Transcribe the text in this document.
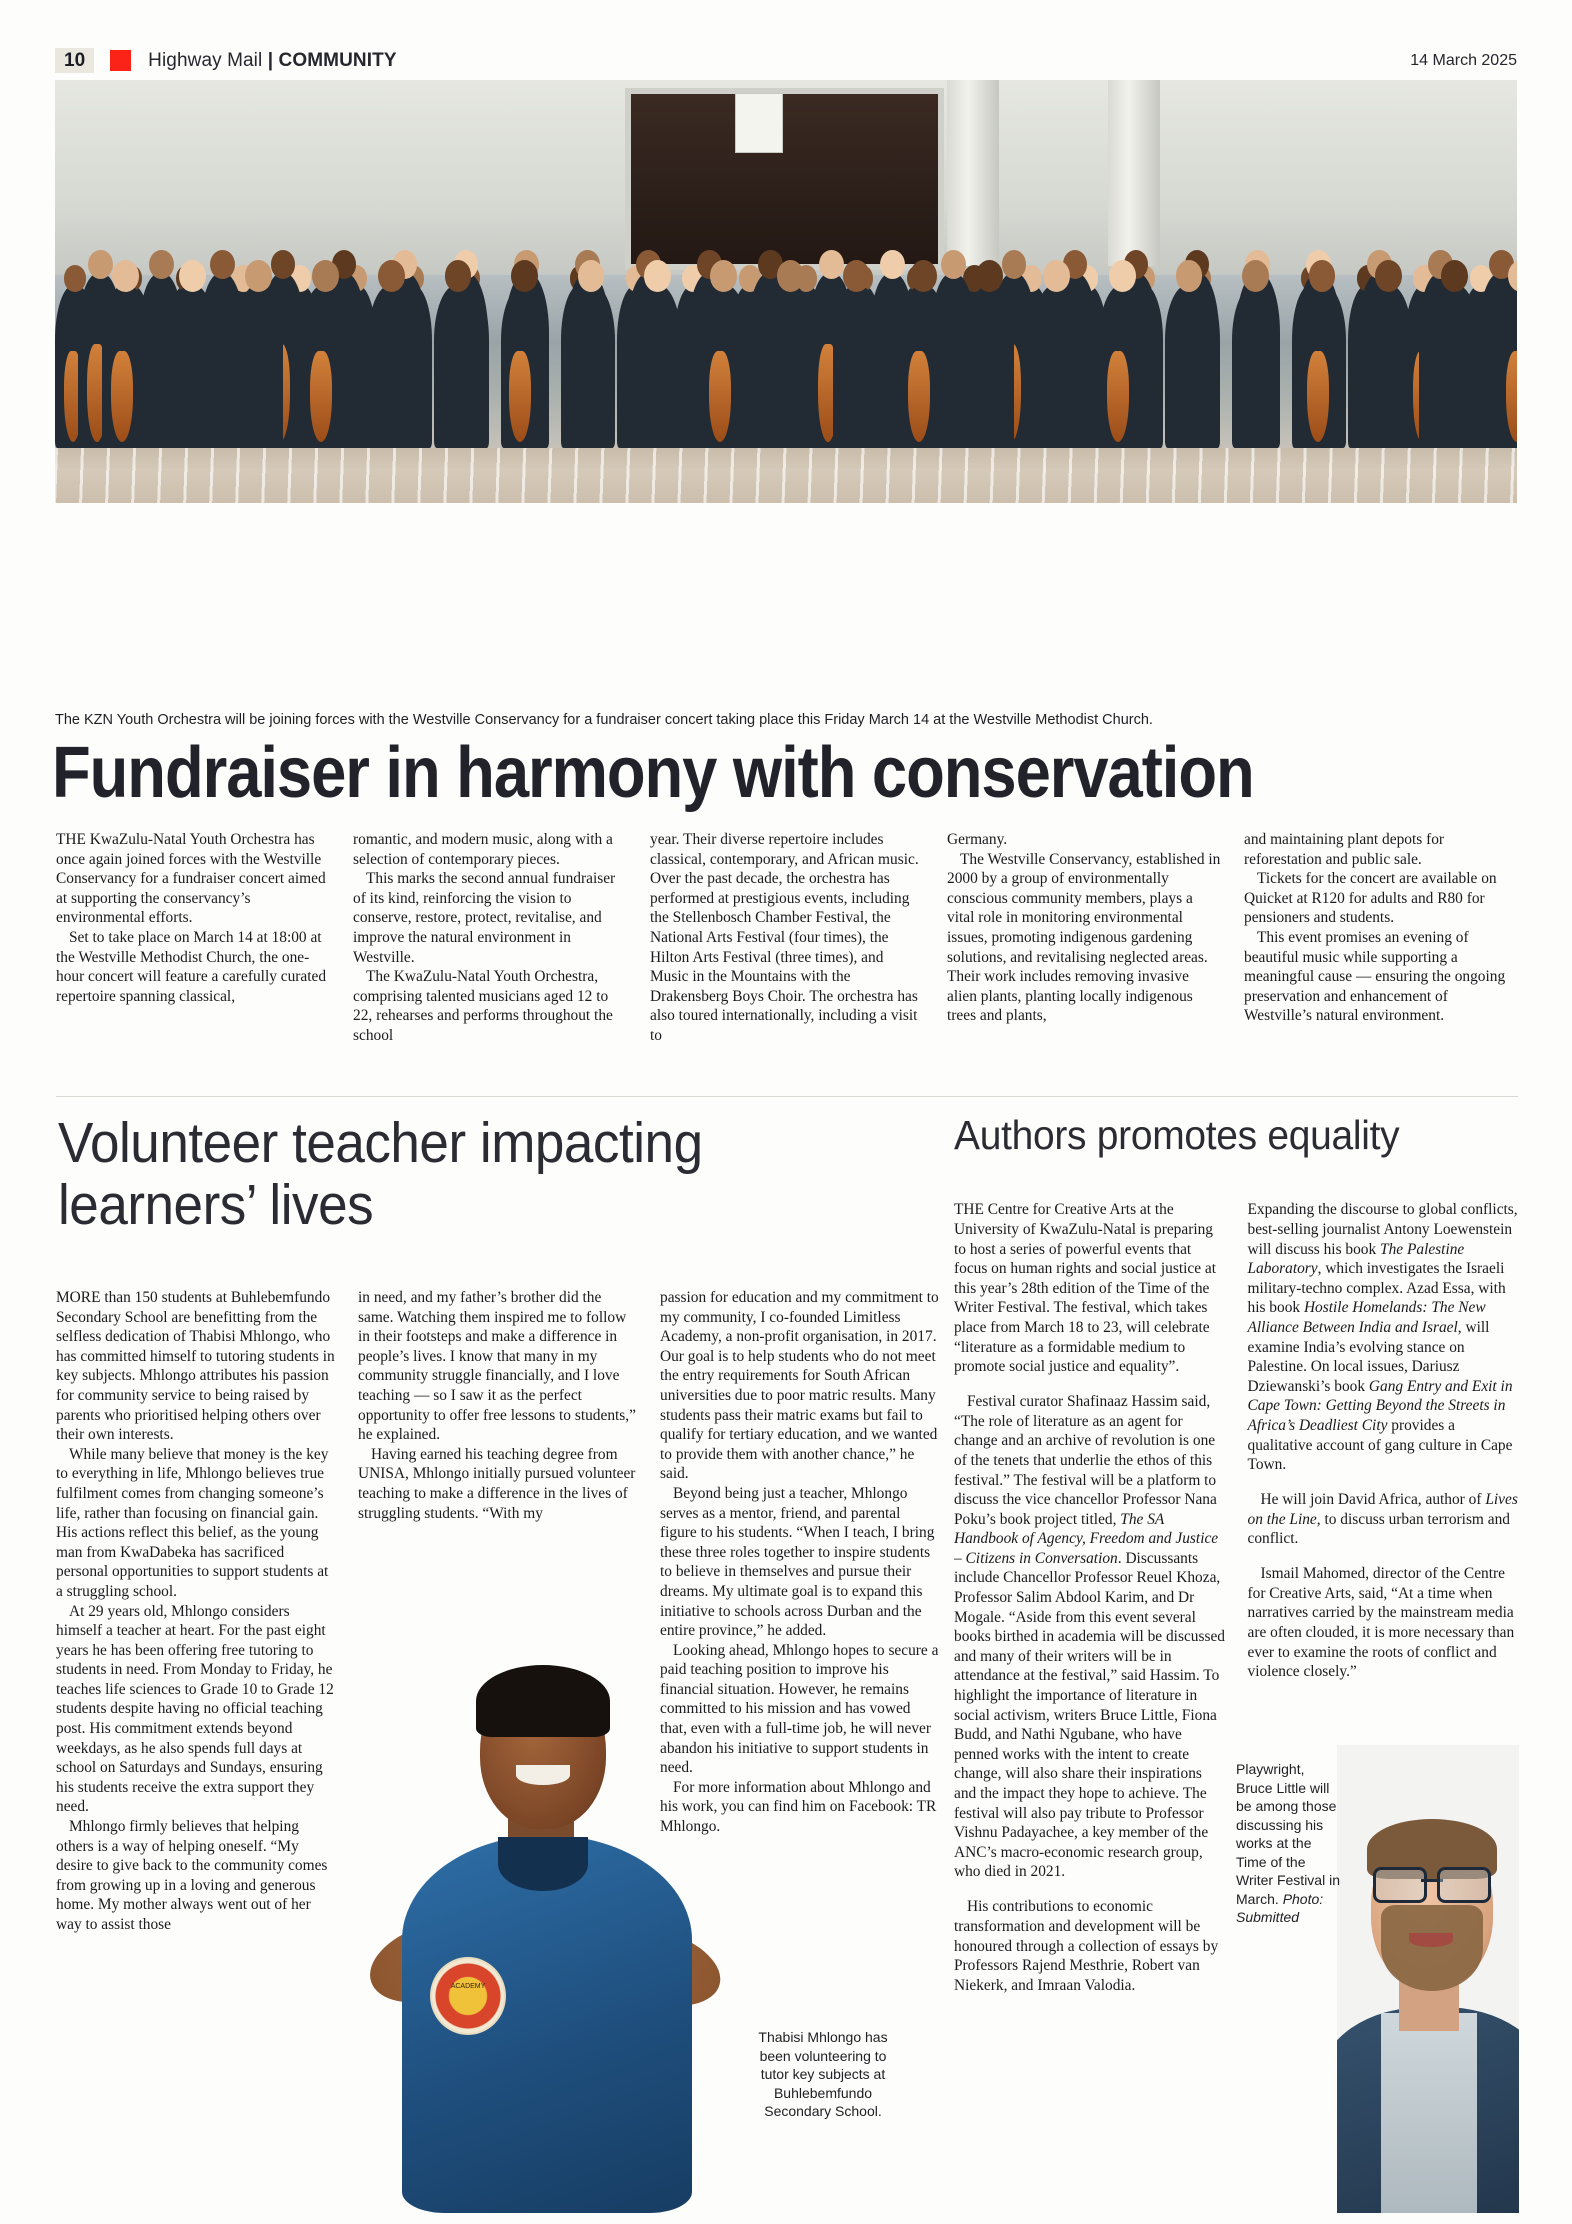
10	Highway Mail | COMMUNITY	14 March 2025
The KZN Youth Orchestra will be joining forces with the Westville Conservancy for a fundraiser concert taking place this Friday March 14 at the Westville Methodist Church.
Fundraiser in harmony with conservation

THE KwaZulu-Natal Youth Orchestra has once again joined forces with the Westville Conservancy for a fundraiser concert aimed at supporting the conservancy’s environmental efforts.

Set to take place on March 14 at 18:00 at the Westville Methodist Church, the one-hour concert will feature a carefully curated repertoire spanning classical,

romantic, and modern music, along with a selection of contemporary pieces.

This marks the second annual fundraiser of its kind, reinforcing the vision to conserve, restore, protect, revitalise, and improve the natural environment in Westville.

The KwaZulu-Natal Youth Orchestra, comprising talented musicians aged 12 to 22, rehearses and performs throughout the school

year. Their diverse repertoire includes classical, contemporary, and African music. Over the past decade, the orchestra has performed at prestigious events, including the Stellenbosch Chamber Festival, the National Arts Festival (four times), the Hilton Arts Festival (three times), and Music in the Mountains with the Drakensberg Boys Choir. The orchestra has also toured internationally, including a visit to

Germany.

The Westville Conservancy, established in 2000 by a group of environmentally conscious community members, plays a vital role in monitoring environmental issues, promoting indigenous gardening solutions, and revitalising neglected areas. Their work includes removing invasive alien plants, planting locally indigenous trees and plants,

and maintaining plant depots for reforestation and public sale.

Tickets for the concert are available on Quicket at R120 for adults and R80 for pensioners and students.

This event promises an evening of beautiful music while supporting a meaningful cause — ensuring the ongoing preservation and enhancement of Westville’s natural environment.

Volunteer teacher impacting learners’ lives
Authors promotes equality

MORE than 150 students at Buhlebemfundo Secondary School are benefitting from the selfless dedication of Thabisi Mhlongo, who has committed himself to tutoring students in key subjects. Mhlongo attributes his passion for community service to being raised by parents who prioritised helping others over their own interests.

While many believe that money is the key to everything in life, Mhlongo believes true fulfilment comes from changing someone’s life, rather than focusing on financial gain. His actions reflect this belief, as the young man from KwaDabeka has sacrificed personal opportunities to support students at a struggling school.

At 29 years old, Mhlongo considers himself a teacher at heart. For the past eight years he has been offering free tutoring to students in need. From Monday to Friday, he teaches life sciences to Grade 10 to Grade 12 students despite having no official teaching post. His commitment extends beyond weekdays, as he also spends full days at school on Saturdays and Sundays, ensuring his students receive the extra support they need.

Mhlongo firmly believes that helping others is a way of helping oneself. “My desire to give back to the community comes from growing up in a loving and generous home. My mother always went out of her way to assist those

in need, and my father’s brother did the same. Watching them inspired me to follow in their footsteps and make a difference in people’s lives. I know that many in my community struggle financially, and I love teaching — so I saw it as the perfect opportunity to offer free lessons to students,” he explained.

Having earned his teaching degree from UNISA, Mhlongo initially pursued volunteer teaching to make a difference in the lives of struggling students. “With my

passion for education and my commitment to my community, I co-founded Limitless Academy, a non-profit organisation, in 2017. Our goal is to help students who do not meet the entry requirements for South African universities due to poor matric results. Many students pass their matric exams but fail to qualify for tertiary education, and we wanted to provide them with another chance,” he said.

Beyond being just a teacher, Mhlongo serves as a mentor, friend, and parental figure to his students. “When I teach, I bring these three roles together to inspire students to believe in themselves and pursue their dreams. My ultimate goal is to expand this initiative to schools across Durban and the entire province,” he added.

Looking ahead, Mhlongo hopes to secure a paid teaching position to improve his financial situation. However, he remains committed to his mission and has vowed that, even with a full-time job, he will never abandon his initiative to support students in need.

For more information about Mhlongo and his work, you can find him on Facebook: TR Mhlongo.

THE Centre for Creative Arts at the University of KwaZulu-Natal is preparing to host a series of powerful events that focus on human rights and social justice at this year’s 28th edition of the Time of the Writer Festival. The festival, which takes place from March 18 to 23, will celebrate “literature as a formidable medium to promote social justice and equality”.

Festival curator Shafinaaz Hassim said, “The role of literature as an agent for change and an archive of revolution is one of the tenets that underlie the ethos of this festival.” The festival will be a platform to discuss the vice chancellor Professor Nana Poku’s book project titled, The SA Handbook of Agency, Freedom and Justice – Citizens in Conversation. Discussants include Chancellor Professor Reuel Khoza, Professor Salim Abdool Karim, and Dr Mogale. “Aside from this event several books birthed in academia will be discussed and many of their writers will be in attendance at the festival,” said Hassim. To highlight the importance of literature in social activism, writers Bruce Little, Fiona Budd, and Nathi Ngubane, who have penned works with the intent to create change, will also share their inspirations and the impact they hope to achieve. The festival will also pay tribute to Professor Vishnu Padayachee, a key member of the ANC’s macro-economic research group, who died in 2021.

His contributions to economic transformation and development will be honoured through a collection of essays by Professors Rajend Mesthrie, Robert van Niekerk, and Imraan Valodia.

Expanding the discourse to global conflicts, best-selling journalist Antony Loewenstein will discuss his book The Palestine Laboratory, which investigates the Israeli military-techno complex. Azad Essa, with his book Hostile Homelands: The New Alliance Between India and Israel, will examine India’s evolving stance on Palestine. On local issues, Dariusz Dziewanski’s book Gang Entry and Exit in Cape Town: Getting Beyond the Streets in Africa’s Deadliest City provides a qualitative account of gang culture in Cape Town.

He will join David Africa, author of Lives on the Line, to discuss urban terrorism and conflict.

Ismail Mahomed, director of the Centre for Creative Arts, said, “At a time when narratives carried by the mainstream media are often clouded, it is more necessary than ever to examine the roots of conflict and violence closely.”

ACADEMY
Thabisi Mhlongo has been volunteering to tutor key subjects at Buhlebemfundo Secondary School.
Playwright, Bruce Little will be among those discussing his works at the Time of the Writer Festival in March. Photo: Submitted
